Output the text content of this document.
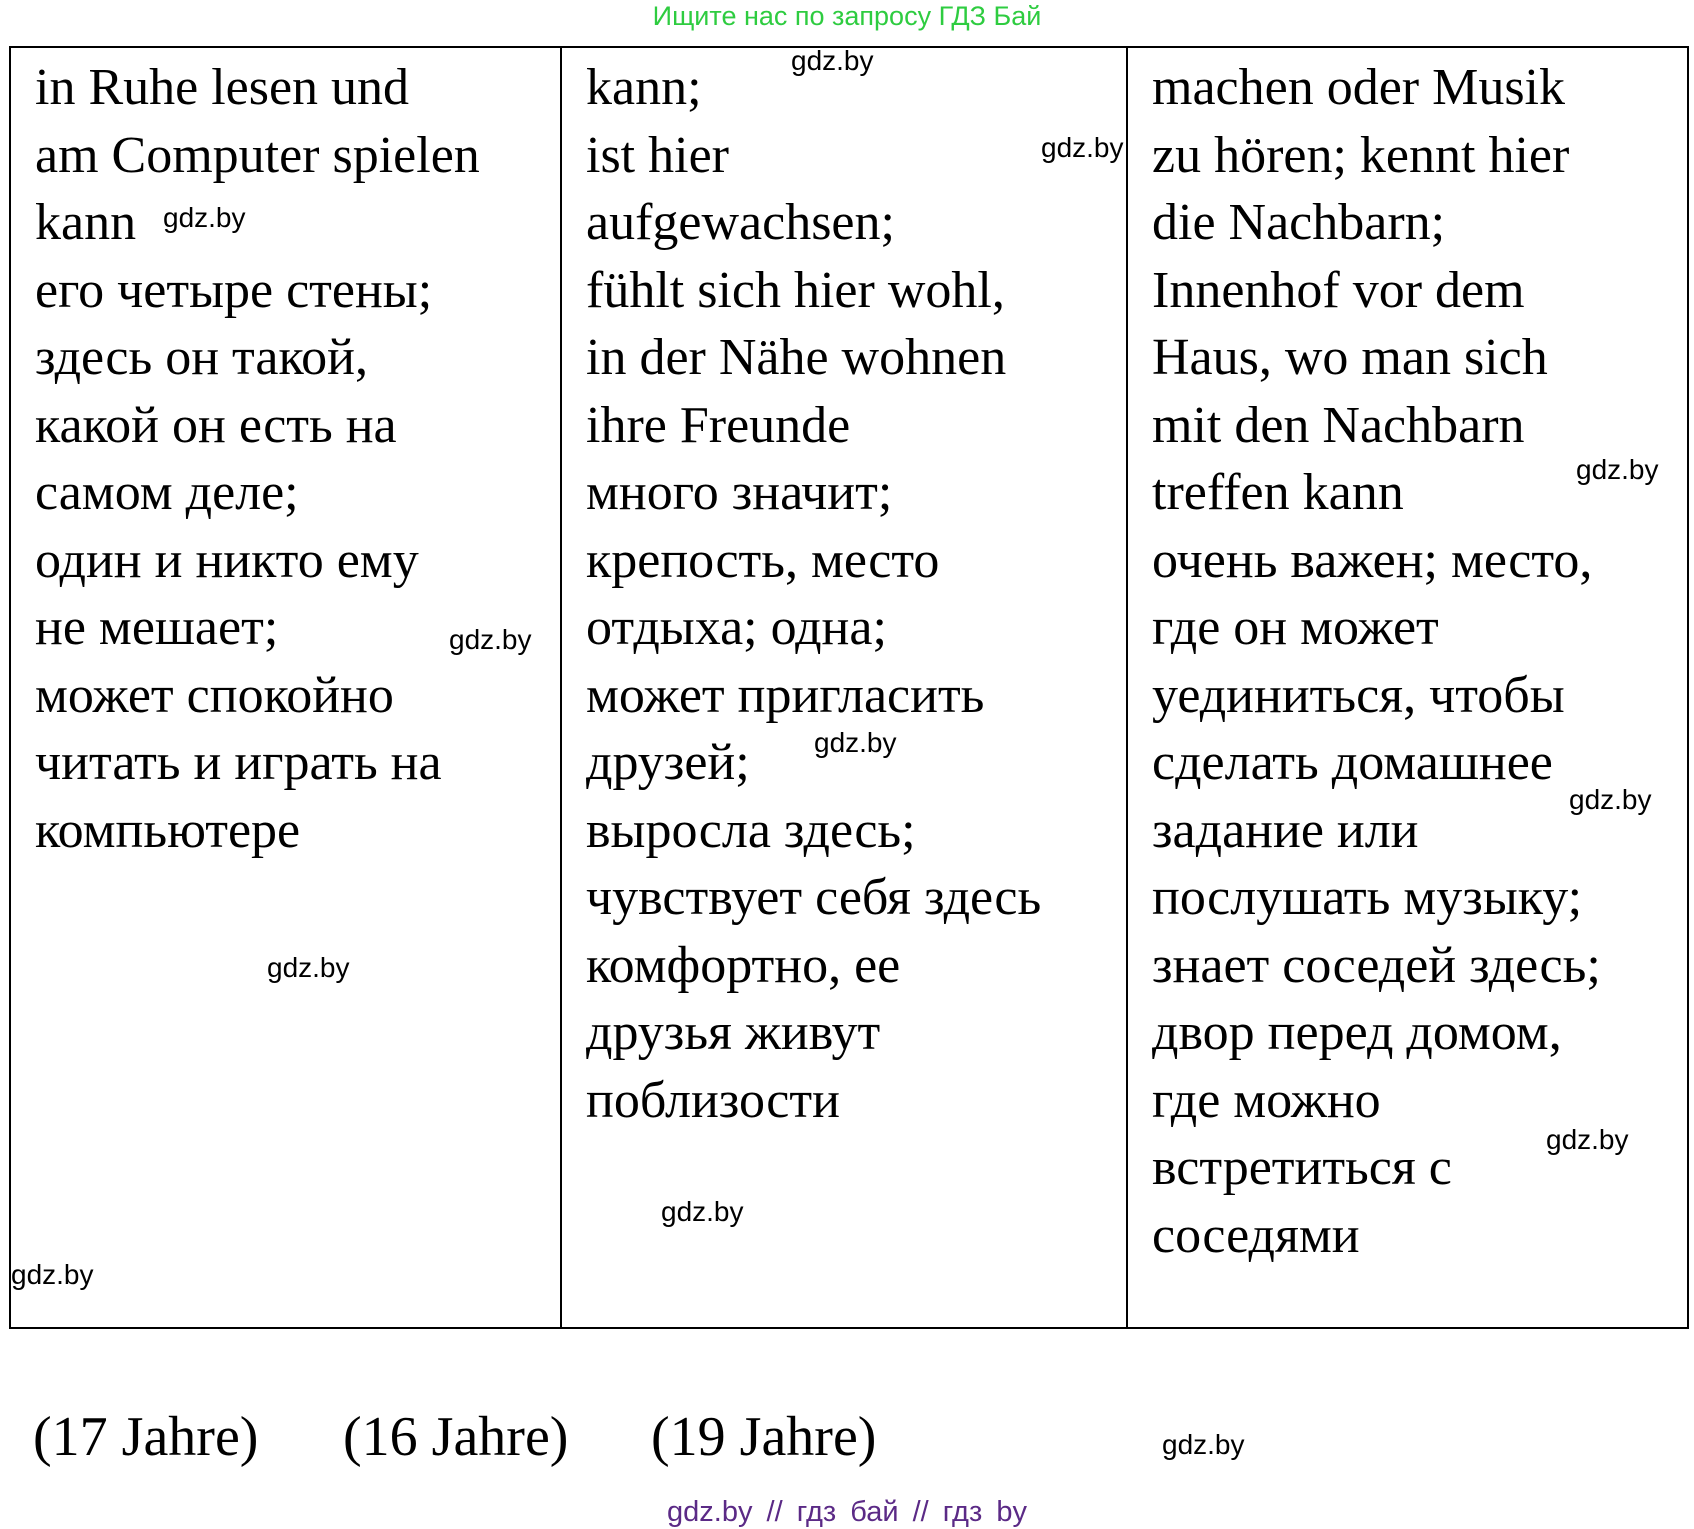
Ищите нас по запросу ГДЗ Бай
in Ruhe lesen und
am Computer spielen
kann
его четыре стены;
здесь он такой,
какой он есть на
самом деле;
один и никто ему
не мешает;
может спокойно
читать и играть на
компьютере
gdz.by
gdz.by
gdz.by
gdz.by
kann;
ist hier
aufgewachsen;
fühlt sich hier wohl,
in der Nähe wohnen
ihre Freunde
много значит;
крепость, место
отдыха; одна;
может пригласить
друзей;
выросла здесь;
чувствует себя здесь
комфортно, ее
друзья живут
поблизости
gdz.by
gdz.by
gdz.by
gdz.by
machen oder Musik
zu hören; kennt hier
die Nachbarn;
Innenhof vor dem
Haus, wo man sich
mit den Nachbarn
treffen kann
очень важен; место,
где он может
уединиться, чтобы
сделать домашнее
задание или
послушать музыку;
знает соседей здесь;
двор перед домом,
где можно
встретиться с
соседями
gdz.by
gdz.by
gdz.by
(17 Jahre) (16 Jahre) (19 Jahre)	gdz.by
gdz.by // гдз бай // гдз by
